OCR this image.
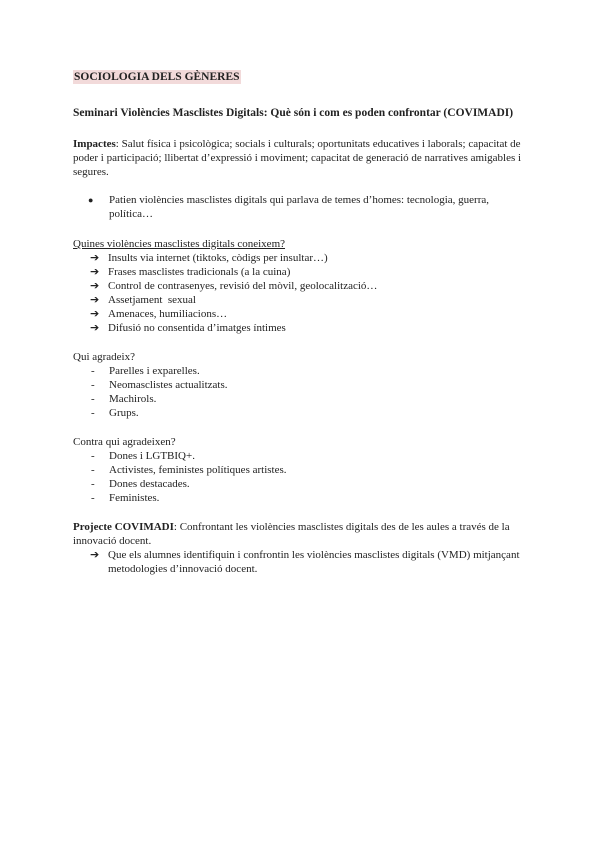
SOCIOLOGIA DELS GÈNERES

Seminari Violències Masclistes Digitals: Què són i com es poden confrontar (COVIMADI)

Impactes: Salut física i psicològica; socials i culturals; oportunitats educatives i laborals; capacitat de poder i participació; llibertat d’expressió i moviment; capacitat de generació de narratives amigables i segures.

● Patien violències masclistes digitals qui parlava de temes d’homes: tecnologia, guerra, política…

Quines violències masclistes digitals coneixem?

➔ Insults via internet (tiktoks, còdigs per insultar…)
➔ Frases masclistes tradicionals (a la cuina)
➔ Control de contrasenyes, revisió del mòvil, geolocalització…
➔ Assetjament  sexual
➔ Amenaces, humiliacions…
➔ Difusió no consentida d’imatges íntimes

Qui agradeix?

- Parelles i exparelles.
- Neomasclistes actualitzats.
- Machirols.
- Grups.

Contra qui agradeixen?

- Dones i LGTBIQ+.
- Activistes, feministes polítiques artistes.
- Dones destacades.
- Feministes.

Projecte COVIMADI: Confrontant les violències masclistes digitals des de les aules a través de la innovació docent.

➔ Que els alumnes identifiquin i confrontin les violències masclistes digitals (VMD) mitjançant metodologies d’innovació docent.
